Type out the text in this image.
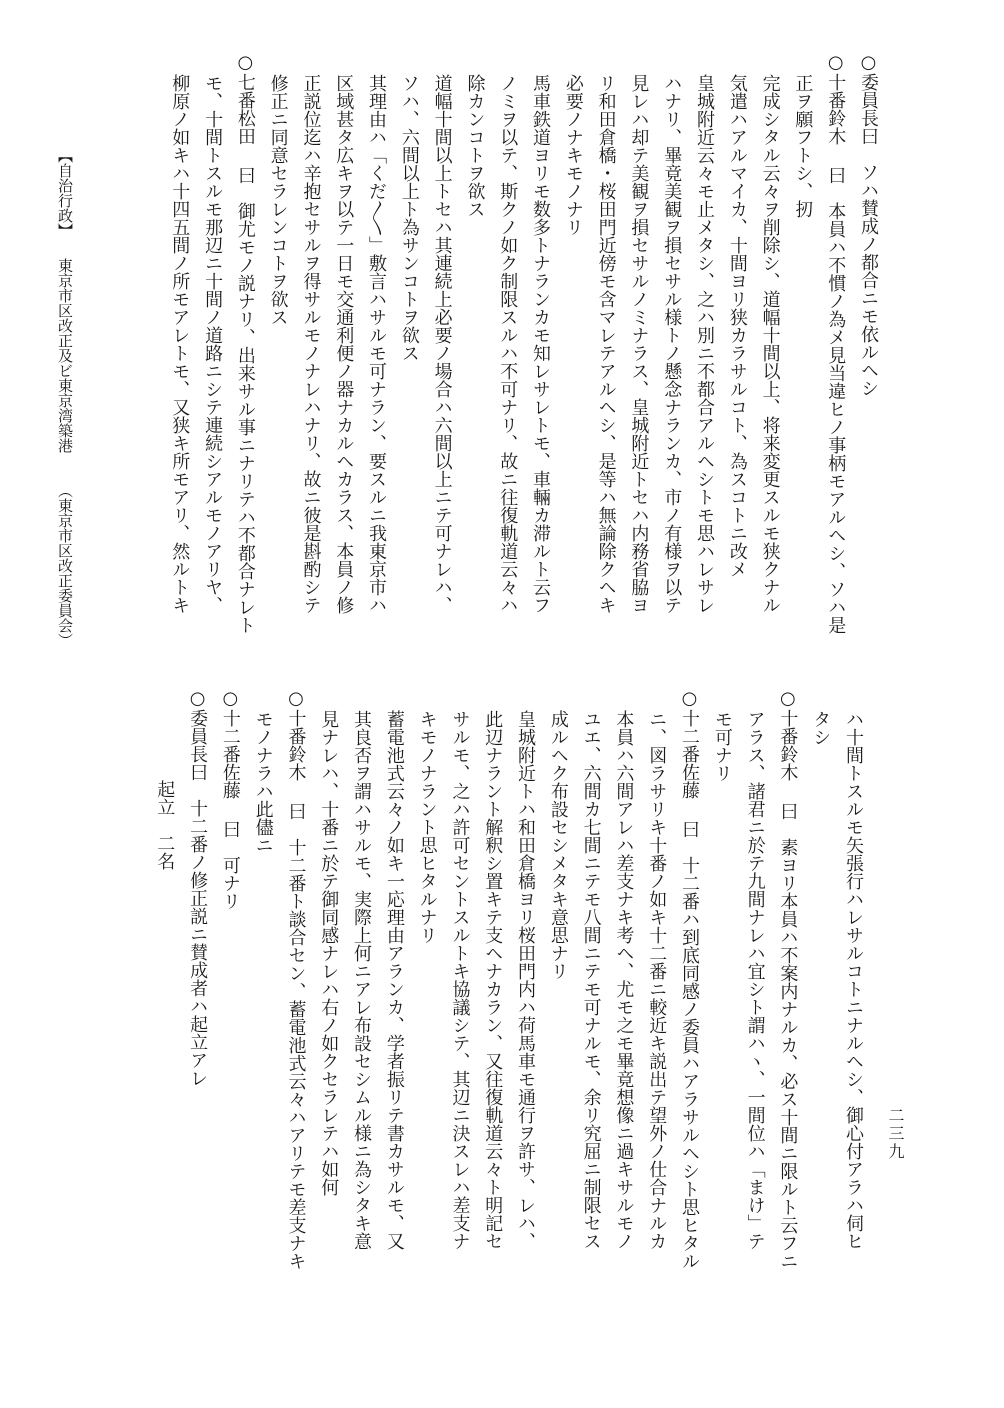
○委員長曰　ソハ賛成ノ都合ニモ依ルヘシ
○十番鈴木 曰　本員ハ不慣ノ為メ見当違ヒノ事柄モアルヘシ、ソハ是
正ヲ願フトシ、扨
完成シタル云々ヲ削除シ、道幅十間以上、将来変更スルモ狭クナル
気遣ハアルマイカ、十間ヨリ狭カラサルコト、為スコトニ改メ
皇城附近云々モ止メタシ、之ハ別ニ不都合アルヘシトモ思ハレサレ
ハナリ、畢竟美観ヲ損セサル様トノ懸念ナランカ、市ノ有様ヲ以テ
見レハ却テ美観ヲ損セサルノミナラス、皇城附近トセハ内務省脇ヨ
リ和田倉橋・桜田門近傍モ含マレテアルヘシ、是等ハ無論除クヘキ
必要ノナキモノナリ
馬車鉄道ヨリモ数多トナランカモ知レサレトモ、車輛カ滞ルト云フ
ノミヲ以テ、斯クノ如ク制限スルハ不可ナリ、故ニ往復軌道云々ハ
除カンコトヲ欲ス
道幅十間以上トセハ其連続上必要ノ場合ハ六間以上ニテ可ナレハ、
ソハ、六間以上ト為サンコトヲ欲ス
其理由ハ「くだ〳〵」敷言ハサルモ可ナラン、要スルニ我東京市ハ
区域甚タ広キヲ以テ一日モ交通利便ノ器ナカルヘカラス、本員ノ修
正説位迄ハ辛抱セサルヲ得サルモノナレハナリ、故ニ彼是斟酌シテ
修正ニ同意セラレンコトヲ欲ス
○七番松田 曰　御尤モノ説ナリ、出来サル事ニナリテハ不都合ナレト
モ、十間トスルモ那辺ニ十間ノ道路ニシテ連続シアルモノアリヤ、
柳原ノ如キハ十四五間ノ所モアレトモ、又狭キ所モアリ、然ルトキ
ハ十間トスルモ矢張行ハレサルコトニナルヘシ、御心付アラハ伺ヒ
タシ
○十番鈴木 曰　素ヨリ本員ハ不案内ナルカ、必ス十間ニ限ルト云フニ
アラス、諸君ニ於テ九間ナレハ宜シト謂ハヽ、一間位ハ「まけ」テ
モ可ナリ
○十二番佐藤 曰　十二番ハ到底同感ノ委員ハアラサルヘシト思ヒタル
ニ、図ラサリキ十番ノ如キ十二番ニ較近キ説出テ望外ノ仕合ナルカ
本員ハ六間アレハ差支ナキ考ヘ、尤モ之モ畢竟想像ニ過キサルモノ
ユエ、六間カ七間ニテモ八間ニテモ可ナルモ、余リ究屈ニ制限セス
成ルヘク布設セシメタキ意思ナリ
皇城附近トハ和田倉橋ヨリ桜田門内ハ荷馬車モ通行ヲ許サ、レハ、
此辺ナラント解釈シ置キテ支ヘナカラン、又往復軌道云々ト明記セ
サルモ、之ハ許可セントスルトキ協議シテ、其辺ニ決スレハ差支ナ
キモノナラント思ヒタルナリ
蓄電池式云々ノ如キ一応理由アランカ、学者振リテ書カサルモ、又
其良否ヲ謂ハサルモ、実際上何ニアレ布設セシムル様ニ為シタキ意
見ナレハ、十番ニ於テ御同感ナレハ右ノ如クセラレテハ如何
○十番鈴木 曰　十二番ト談合セン、蓄電池式云々ハアリテモ差支ナキ
モノナラハ此儘ニ
○十二番佐藤 曰　可ナリ
○委員長曰　十二番ノ修正説ニ賛成者ハ起立アレ
起立　二名
【自治行政】
東京市区改正及ビ東京湾築港
（東京市区改正委員会）
二三九
